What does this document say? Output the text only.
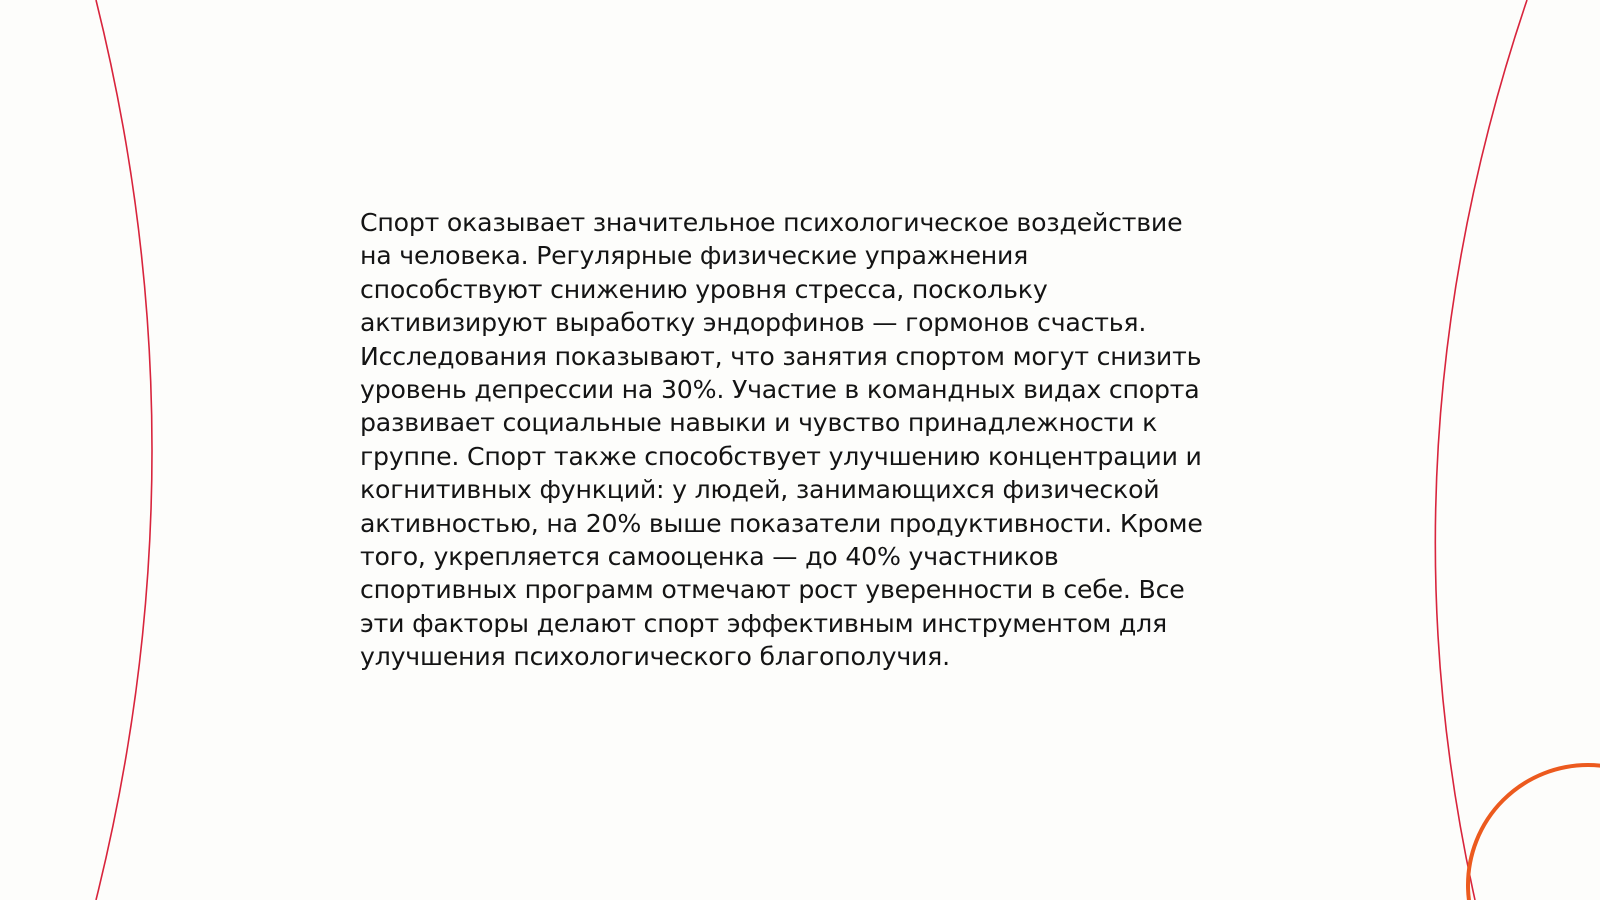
Спорт оказывает значительное психологическое воздействие
на человека. Регулярные физические упражнения
способствуют снижению уровня стресса, поскольку
активизируют выработку эндорфинов — гормонов счастья.
Исследования показывают, что занятия спортом могут снизить
уровень депрессии на 30%. Участие в командных видах спорта
развивает социальные навыки и чувство принадлежности к
группе. Спорт также способствует улучшению концентрации и
когнитивных функций: у людей, занимающихся физической
активностью, на 20% выше показатели продуктивности. Кроме
того, укрепляется самооценка — до 40% участников
спортивных программ отмечают рост уверенности в себе. Все
эти факторы делают спорт эффективным инструментом для
улучшения психологического благополучия.
